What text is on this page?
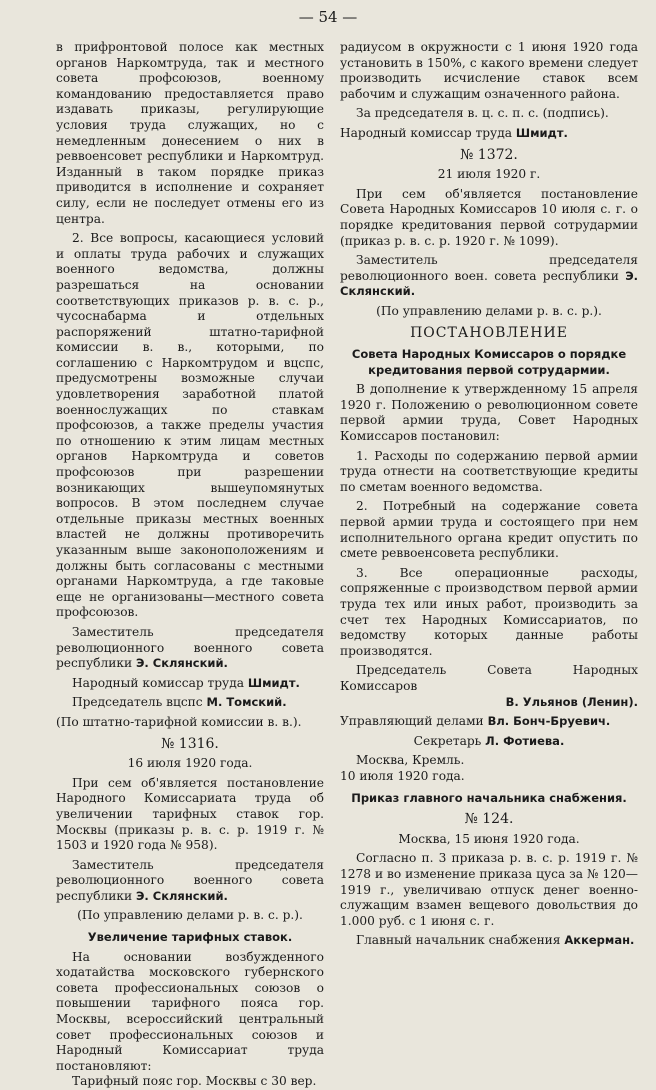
— 54 —

в прифронтовой полосе как местных органов Наркомтруда, так и местного совета профсоюзов, военному командованию предоставляется право издавать приказы, регулирующие условия труда служащих, но с немедленным донесением о них в реввоенсовет республики и Наркомтруд. Изданный в таком порядке приказ приводится в исполнение и сохраняет силу, если не последует отмены его из центра.

2. Все вопросы, касающиеся условий и оплаты труда рабочих и служащих военного ведомства, должны разрешаться на основании соответствующих приказов р. в. с. р., чусоснабарма и отдельных распоряжений штатно-тарифной комиссии в. в., которыми, по соглашению с Наркомтрудом и вцспс, предусмотрены возможные случаи удовлетворения заработной платой военнослужащих по ставкам профсоюзов, а также пределы участия по отношению к этим лицам местных органов Наркомтруда и советов профсоюзов при разрешении возникающих вышеупомянутых вопросов. В этом последнем случае отдельные приказы местных военных властей не должны противоречить указанным выше законоположениям и должны быть согласованы с местными органами Наркомтруда, а где таковые еще не организованы—местного совета профсоюзов.

Заместитель председателя революционного военного совета республики Э. Склянский.

Народный комиссар труда Шмидт.

Председатель вцспс М. Томский.

(По штатно-тарифной комиссии в. в.).

№ 1316.
16 июля 1920 года.

При сем об'является постановление Народного Комиссариата труда об увеличении тарифных ставок гор. Москвы (приказы р. в. с. р. 1919 г. № 1503 и 1920 года № 958).

Заместитель председателя революционного военного совета республики Э. Склянский.

(По управлению делами р. в. с. р.).

Увеличение тарифных ставок.

На основании возбужденного ходатайства московского губернского совета профессиональных союзов о повышении тарифного пояса гор. Москвы, всероссийский центральный совет профессиональных союзов и Народный Комиссариат труда постановляют:

Тарифный пояс гор. Москвы с 30 вер.

радиусом в окружности с 1 июня 1920 года установить в 150%, с какого времени следует производить исчисление ставок всем рабочим и служащим означенного района.

За председателя в. ц. с. п. с. (подпись).

Народный комиссар труда Шмидт.

№ 1372.
21 июля 1920 г.

При сем об'является постановление Совета Народных Комиссаров 10 июля с. г. о порядке кредитования первой сотрудармии (приказ р. в. с. р. 1920 г. № 1099).

Заместитель председателя революционного воен. совета республики Э. Склянский.

(По управлению делами р. в. с. р.).

ПОСТАНОВЛЕНИЕ
Совета Народных Комиссаров о порядке кредитования первой сотрудармии.

В дополнение к утвержденному 15 апреля 1920 г. Положению о революционном совете первой армии труда, Совет Народных Комиссаров постановил:

1. Расходы по содержанию первой армии труда отнести на соответствующие кредиты по сметам военного ведомства.

2. Потребный на содержание совета первой армии труда и состоящего при нем исполнительного органа кредит опустить по смете реввоенсовета республики.

3. Все операционные расходы, сопряженные с производством первой армии труда тех или иных работ, производить за счет тех Народных Комиссариатов, по ведомству которых данные работы производятся.

Председатель Совета Народных Комиссаров

В. Ульянов (Ленин).

Управляющий делами Вл. Бонч-Бруевич.

Секретарь Л. Фотиева.

Москва, Кремль.

10 июля 1920 года.

Приказ главного начальника снабжения.
№ 124.
Москва, 15 июня 1920 года.

Согласно п. 3 приказа р. в. с. р. 1919 г. № 1278 и во изменение приказа цуса за № 120—1919 г., увеличиваю отпуск денег военно-служащим взамен вещевого довольствия до 1.000 руб. с 1 июня с. г.

Главный начальник снабжения Аккерман.
